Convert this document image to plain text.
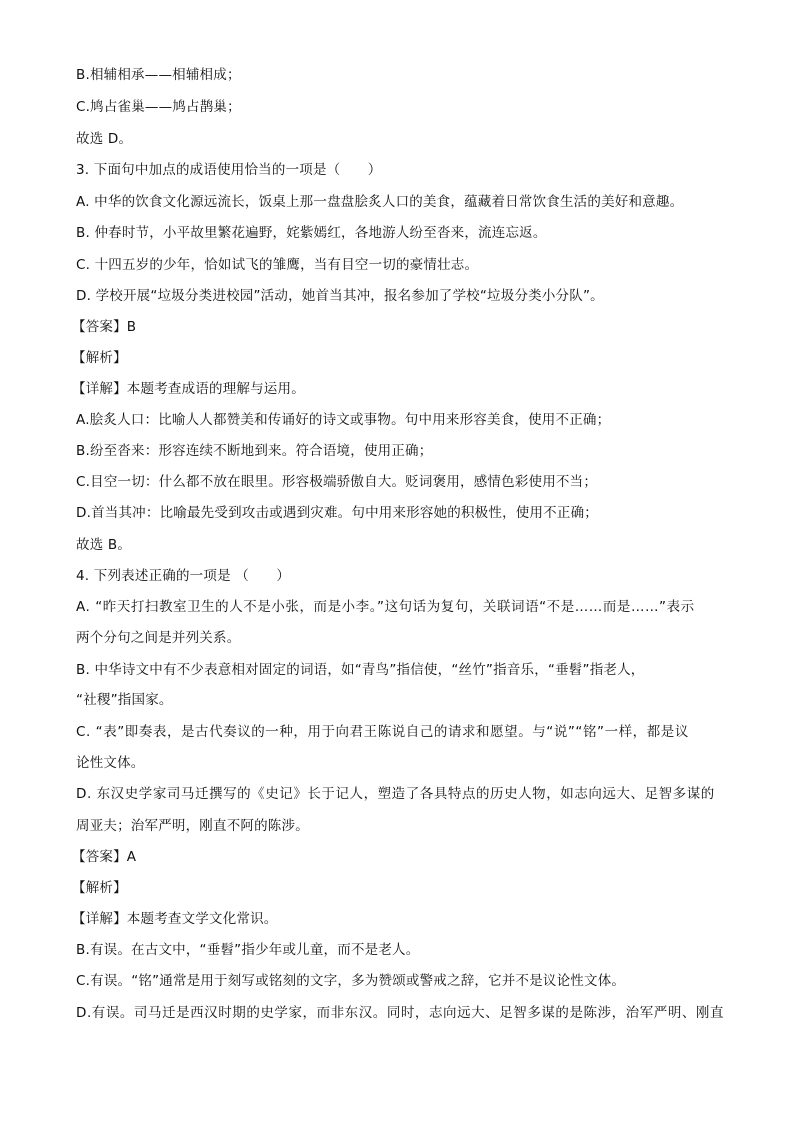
B.相辅相承——相辅相成；
C.鸠占雀巢——鸠占鹊巢；
故选 D。
3. 下面句中加点的成语使用恰当的一项是（　　）
A. 中华的饮食文化源远流长，饭桌上那一盘盘脍炙人口的美食，蕴藏着日常饮食生活的美好和意趣。
B. 仲春时节，小平故里繁花遍野，姹紫嫣红，各地游人纷至沓来，流连忘返。
C. 十四五岁的少年，恰如试飞的雏鹰，当有目空一切的豪情壮志。
D. 学校开展“垃圾分类进校园”活动，她首当其冲，报名参加了学校“垃圾分类小分队”。
【答案】B
【解析】
【详解】本题考查成语的理解与运用。
A.脍炙人口：比喻人人都赞美和传诵好的诗文或事物。句中用来形容美食，使用不正确；
B.纷至沓来：形容连续不断地到来。符合语境，使用正确；
C.目空一切：什么都不放在眼里。形容极端骄傲自大。贬词褒用，感情色彩使用不当；
D.首当其冲：比喻最先受到攻击或遇到灾难。句中用来形容她的积极性，使用不正确；
故选 B。
4. 下列表述正确的一项是 （　　）
A. “昨天打扫教室卫生的人不是小张，而是小李。”这句话为复句，关联词语“不是……而是……”表示
两个分句之间是并列关系。
B. 中华诗文中有不少表意相对固定的词语，如“青鸟”指信使，“丝竹”指音乐，“垂髫”指老人，
“社稷”指国家。
C. “表”即奏表，是古代奏议的一种，用于向君王陈说自己的请求和愿望。与“说”“铭”一样，都是议
论性文体。
D. 东汉史学家司马迁撰写的《史记》长于记人，塑造了各具特点的历史人物，如志向远大、足智多谋的
周亚夫；治军严明，刚直不阿的陈涉。
【答案】A
【解析】
【详解】本题考查文学文化常识。
B.有误。在古文中，“垂髫”指少年或儿童，而不是老人。
C.有误。“铭”通常是用于刻写或铭刻的文字，多为赞颂或警戒之辞，它并不是议论性文体。
D.有误。司马迁是西汉时期的史学家，而非东汉。同时，志向远大、足智多谋的是陈涉，治军严明、刚直
